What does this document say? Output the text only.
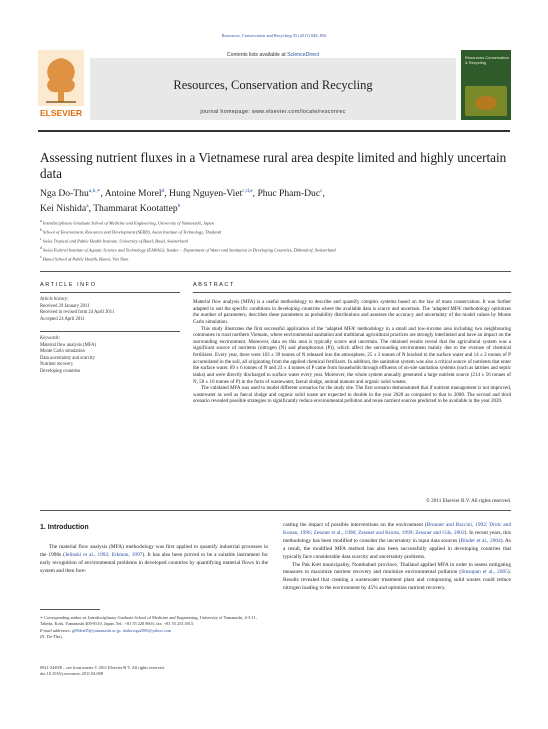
Resources, Conservation and Recycling 55 (2011) 849–856
ELSEVIER
Contents lists available at ScienceDirect
Resources, Conservation and Recycling
journal homepage: www.elsevier.com/locate/resconrec
Resources Conservation & Recycling
Assessing nutrient fluxes in a Vietnamese rural area despite limited and highly uncertain data
Nga Do-Thu$^{a,b,∗}$, Antoine Morel$^d$, Hung Nguyen-Viet$^{c,d,e}$, Phuc Pham-Duc$^c$,
Kei Nishida$^a$, Thammarat Kootattep$^b$
$^a$ Interdisciplinary Graduate School of Medicine and Engineering, University of Yamanashi, Japan
$^b$ School of Environment, Resources and Development (SERD), Asian Institute of Technology, Thailand
$^c$ Swiss Tropical and Public Health Institute, University of Basel, Basel, Switzerland
$^d$ Swiss Federal Institute of Aquatic Science and Technology (EAWAG), Sandec – Department of Water and Sanitation in Developing Countries, Dübendorf, Switzerland
$^e$ Hanoi School of Public Health, Hanoi, Viet Nam
ARTICLE INFO
Article history:
Received 29 January 2011
Received in revised form 24 April 2011
Accepted 24 April 2011
Keywords:
Material flow analysis (MFA)
Monte Carlo simulation
Data uncertainty and scarcity
Nutrient recovery
Developing countries
ABSTRACT

Material flow analysis (MFA) is a useful methodology to describe and quantify complex systems based on the law of mass conservation. It was further adapted to suit the specific conditions in developing countries where the available data is scarce and uncertain. The ‘adapted MFA’ methodology optimizes the number of parameters, describes these parameters as probability distributions and assesses the accuracy and uncertainty of the model values by Monte Carlo simulation.

This study illustrates the first successful application of the ‘adapted MFA’ methodology in a small and low-income area including two neighbouring communes in rural northern Vietnam, where environmental sanitation and traditional agricultural practices are strongly interlinked and have an impact on the surrounding environment. Moreover, data on this area is typically scarce and uncertain. The obtained results reveal that the agricultural system was a significant source of nutrients (nitrogen (N) and phosphorous (P)), which affect the surrounding environment mainly due to the overuse of chemical fertilizers. Every year, there were 103 ± 39 tonnes of N released into the atmosphere, 25 ± 3 tonnes of N leached to the surface water and 14 ± 2 tonnes of P accumulated in the soil, all originating from the applied chemical fertilizers. In addition, the sanitation system was also a critical source of nutrients that enter the surface water. 69 ± 6 tonnes of N and 23 ± 4 tonnes of P came from households through effluents of on-site sanitation systems (such as latrines and septic tanks) and were directly discharged to surface water every year. Moreover, the whole system annually generated a large nutrient source (214 ± 56 tonnes of N, 58 ± 16 tonnes of P) in the form of wastewater, faecal sludge, animal manure and organic solid wastes.

The validated MFA was used to model different scenarios for the study site. The first scenario demonstrated that if nutrient management is not improved, wastewater as well as faecal sludge and organic solid waste are expected to double in the year 2020 as compared to that in 2008. The second and third scenario revealed possible strategies to significantly reduce environmental pollution and reuse nutrient sources predicted to be available in the year 2020.

© 2011 Elsevier B.V. All rights reserved.
1. Introduction

The material flow analysis (MFA) methodology was first applied to quantify industrial processes in the 1990s (Jelinski et al., 1992; Erkman, 1997). It has also been proved to be a suitable instrument for early recognition of environmental problems in developed countries by quantifying material flows in the system and then fore-

∗ Corresponding author at: Interdisciplinary Graduate School of Medicine and Engineering, University of Yamanashi, 4-3-11, Takeda, Kofu, Yamanashi 400-8510, Japan. Tel.: +81 55 220 8603; fax: +81 55 253 4915.
E-mail addresses: g09dea05@yamanashi.ac.jp, dothu.nga2005@yahoo.com
(N. Do-Thu).
0921-3449/$ – see front matter © 2011 Elsevier B.V. All rights reserved.
doi:10.1016/j.resconrec.2011.04.008

casting the impact of possible interventions on the environment (Brunner and Baccini, 1992; Drolc and Konan, 1996; Zessner et al., 1998; Zessner and Kroiss, 1999; Zessner and Gils, 2002). In recent years, this methodology has been modified to consider the uncertainty in input data sources (Binder et al., 2004). As a result, the modified MFA method has also been successfully applied in developing countries that typically face considerable data scarcity and uncertainty problems.

The Pak Kret municipality, Nonthaburi province, Thailand applied MFA in order to assess mitigating measures to maximize nutrient recovery and minimize environmental pollution (Sinsupan et al., 2005). Results revealed that creating a wastewater treatment plant and composting solid wastes could reduce nitrogen loading to the environment by 45% and optimize nutrient recovery.
